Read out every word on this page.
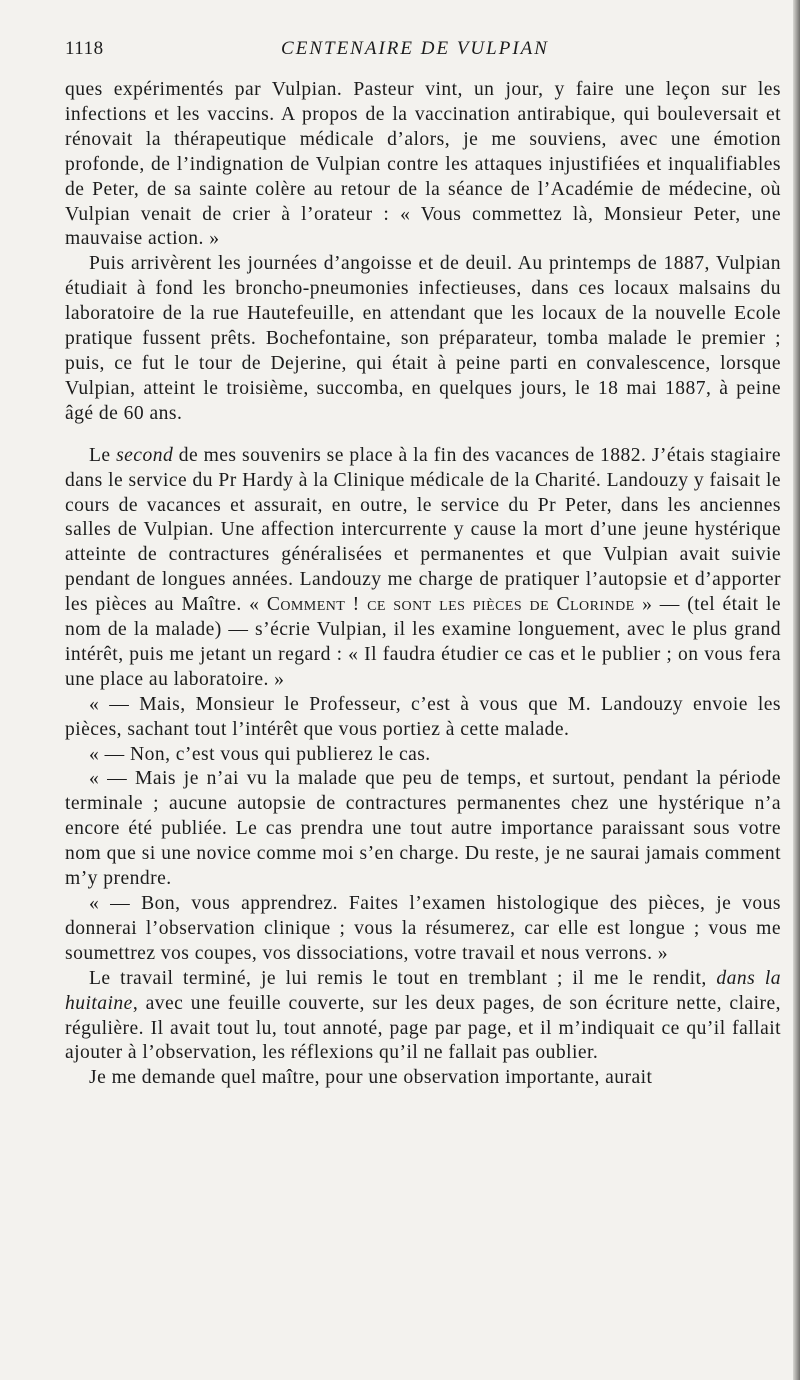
1118	CENTENAIRE DE VULPIAN

ques expérimentés par Vulpian. Pasteur vint, un jour, y faire une leçon sur les infections et les vaccins. A propos de la vaccination antirabique, qui bouleversait et rénovait la thérapeutique médicale d’alors, je me souviens, avec une émotion profonde, de l’indignation de Vulpian contre les attaques injustifiées et inqualifiables de Peter, de sa sainte colère au retour de la séance de l’Académie de médecine, où Vulpian venait de crier à l’orateur : « Vous commettez là, Monsieur Peter, une mauvaise action. »

Puis arrivèrent les journées d’angoisse et de deuil. Au printemps de 1887, Vulpian étudiait à fond les broncho-pneumonies infectieuses, dans ces locaux malsains du laboratoire de la rue Hautefeuille, en attendant que les locaux de la nouvelle Ecole pratique fussent prêts. Bochefontaine, son préparateur, tomba malade le premier ; puis, ce fut le tour de Dejerine, qui était à peine parti en convalescence, lorsque Vulpian, atteint le troisième, succomba, en quelques jours, le 18 mai 1887, à peine âgé de 60 ans.

Le second de mes souvenirs se place à la fin des vacances de 1882. J’étais stagiaire dans le service du Pr Hardy à la Clinique médicale de la Charité. Landouzy y faisait le cours de vacances et assurait, en outre, le service du Pr Peter, dans les anciennes salles de Vulpian. Une affection intercurrente y cause la mort d’une jeune hystérique atteinte de contractures généralisées et permanentes et que Vulpian avait suivie pendant de longues années. Landouzy me charge de pratiquer l’autopsie et d’apporter les pièces au Maître. « Comment ! ce sont les pièces de Clorinde » — (tel était le nom de la malade) — s’écrie Vulpian, il les examine longuement, avec le plus grand intérêt, puis me jetant un regard : « Il faudra étudier ce cas et le publier ; on vous fera une place au laboratoire. »

« — Mais, Monsieur le Professeur, c’est à vous que M. Landouzy envoie les pièces, sachant tout l’intérêt que vous portiez à cette malade.

« — Non, c’est vous qui publierez le cas.

« — Mais je n’ai vu la malade que peu de temps, et surtout, pendant la période terminale ; aucune autopsie de contractures permanentes chez une hystérique n’a encore été publiée. Le cas prendra une tout autre importance paraissant sous votre nom que si une novice comme moi s’en charge. Du reste, je ne saurai jamais comment m’y prendre.

« — Bon, vous apprendrez. Faites l’examen histologique des pièces, je vous donnerai l’observation clinique ; vous la résumerez, car elle est longue ; vous me soumettrez vos coupes, vos dissociations, votre travail et nous verrons. »

Le travail terminé, je lui remis le tout en tremblant ; il me le rendit, dans la huitaine, avec une feuille couverte, sur les deux pages, de son écriture nette, claire, régulière. Il avait tout lu, tout annoté, page par page, et il m’indiquait ce qu’il fallait ajouter à l’observation, les réflexions qu’il ne fallait pas oublier.

Je me demande quel maître, pour une observation importante, aurait
